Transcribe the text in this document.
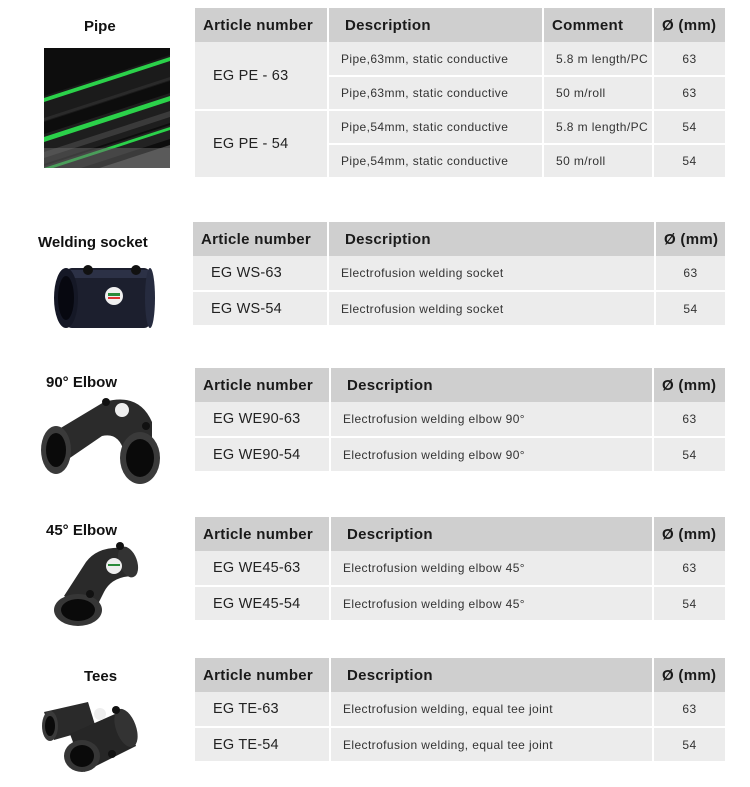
Pipe	Article number	Description	Comment	Ø (mm)
EG PE - 63	Pipe,63mm, static conductive	5.8 m length/PC	63
	Pipe,63mm, static conductive	50 m/roll	63
EG PE - 54	Pipe,54mm, static conductive	5.8 m length/PC	54
	Pipe,54mm, static conductive	50 m/roll	54
Welding socket	Article number	Description	Ø (mm)
EG WS-63	Electrofusion welding socket	63
EG WS-54	Electrofusion welding socket	54
90° Elbow	Article number	Description	Ø (mm)
EG WE90-63	Electrofusion welding elbow 90°	63
EG WE90-54	Electrofusion welding elbow 90°	54
45° Elbow	Article number	Description	Ø (mm)
EG WE45-63	Electrofusion welding elbow 45°	63
EG WE45-54	Electrofusion welding elbow 45°	54
Tees	Article number	Description	Ø (mm)
EG TE-63	Electrofusion welding, equal tee joint	63
EG TE-54	Electrofusion welding, equal tee joint	54
